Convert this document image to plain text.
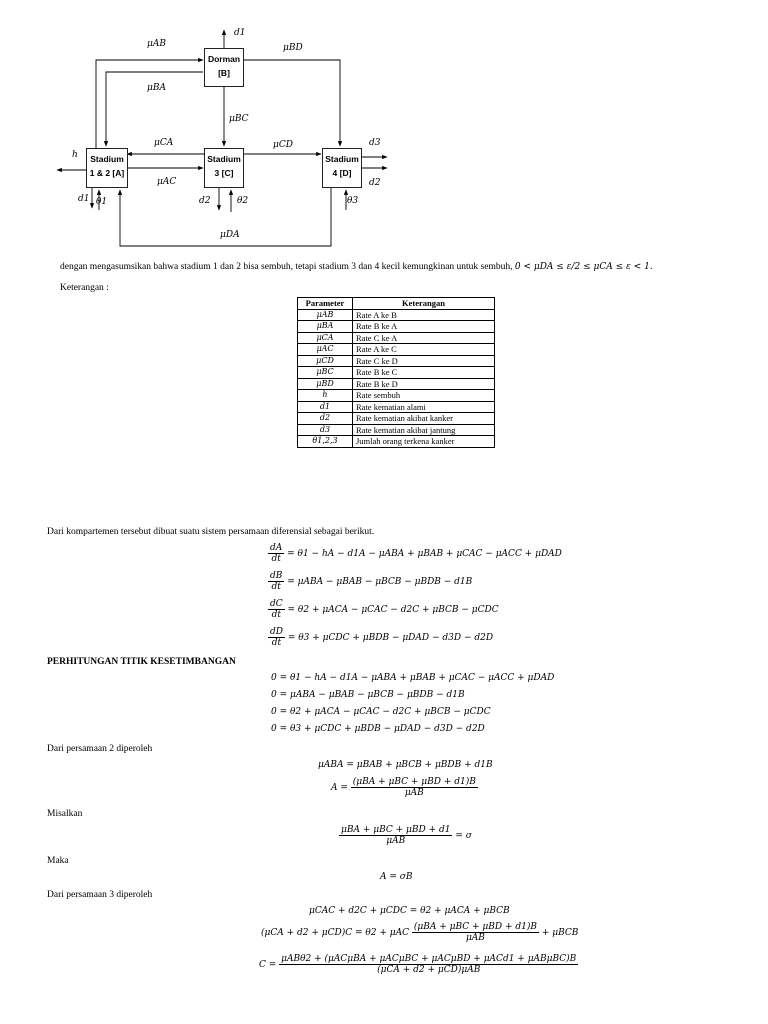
Dorman
[B]
Stadium
1 & 2 [A]
Stadium
3 [C]
Stadium
4 [D]
μAB
μBA
μBD
μBC
μCA
μAC
μCD
μDA
d1
h
d1 θ1	d2	θ2
d3
d2
θ3
dengan mengasumsikan bahwa stadium 1 dan 2 bisa sembuh, tetapi stadium 3 dan 4 kecil kemungkinan untuk sembuh, 0 < μDA ≤ ε/2 ≤ μCA ≤ ε < 1.
Keterangan :
Parameter	Keterangan
μAB	Rate A ke B
μBA	Rate B ke A
μCA	Rate C ke A
μAC	Rate A ke C
μCD	Rate C ke D
μBC	Rate B ke C
μBD	Rate B ke D
h	Rate sembuh
d1	Rate kematian alami
d2	Rate kematian akibat kanker
d3	Rate kematian akibat jantung
θ1,2,3	Jumlah orang terkena kanker
Dari kompartemen tersebut dibuat suatu sistem persamaan diferensial sebagai berikut.
$\frac{dA}{dt} = \theta 1$ − hA − d1A − μABA + μBAB + μCAC − μACC + μDAD
$\frac{dB}{dt} = \mu ABA - \mu BAB - \mu BCB - \mu BDB - d1B$
$\frac{dC}{dt} = \theta 2 + \mu ACA - \mu CAC - d2C + \mu BCB - \mu CDC$
$\frac{dD}{dt} = \theta 3 + \mu CDC + \mu BDB - \mu DAD - d3D - d2D$
PERHITUNGAN TITIK KESETIMBANGAN
0 = θ1 − hA − d1A − μABA + μBAB + μCAC − μACC + μDAD
0 = μABA − μBAB − μBCB − μBDB − d1B
0 = θ2 + μACA − μCAC − d2C + μBCB − μCDC
0 = θ3 + μCDC + μBDB − μDAD − d3D − d2D
Dari persamaan 2 diperoleh
μABA = μBAB + μBCB + μBDB + d1B
$A = \frac{\text{(μBA + μBC + μBD + d1)B}}{\text{μAB}}$
Misalkan
$\frac{\text{μBA + μBC + μBD + d1}}{\text{μAB}} = \sigma$
Maka
A = σB
Dari persamaan 3 diperoleh
μCAC + d2C + μCDC = θ2 + μACA + μBCB
(μCA + d2 + μCD)C = θ2 + μAC $\frac{\text{(μBA + μBC + μBD + d1)B}}{\text{μAB}} + \mu BCB$
$C = \frac{\text{μABθ2 + (μACμBA + μACμBC + μACμBD + μACd1 + μABμBC)B}}{\text{(μCA + d2 + μCD)μAB}}$
